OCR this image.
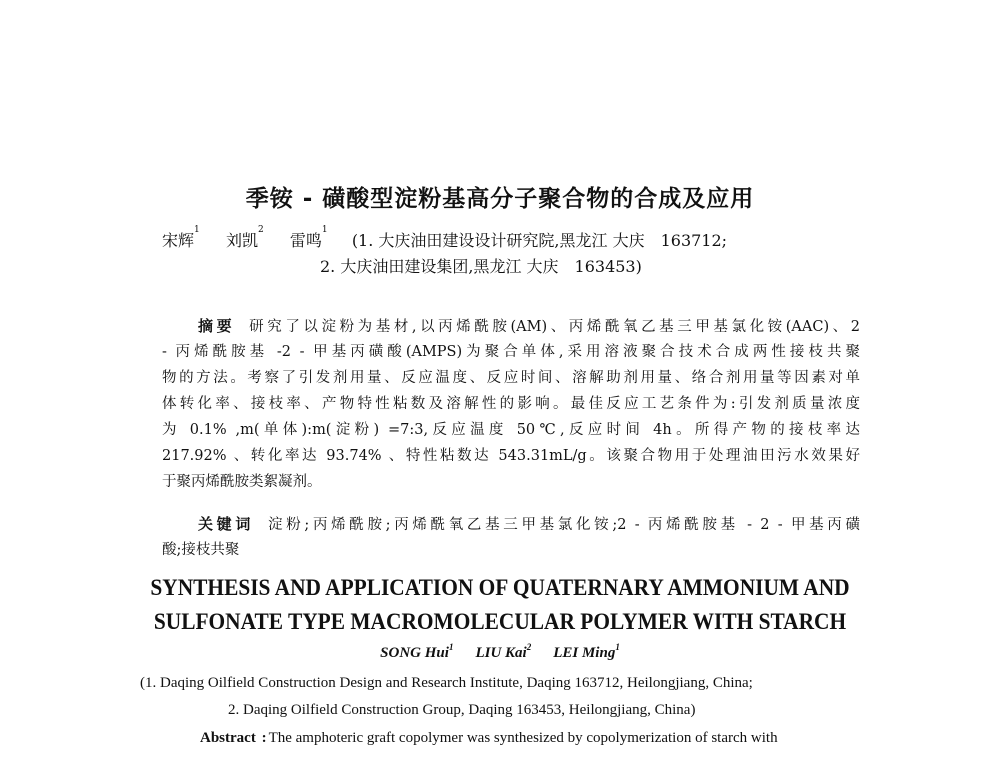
季铵 - 磺酸型淀粉基高分子聚合物的合成及应用
宋辉$^1$  刘凯$^2$  雷鸣$^1$  (1. 大庆油田建设设计研究院,黑龙江 大庆　163712;
2. 大庆油田建设集团,黑龙江 大庆　163453)
摘要 研究了以淀粉为基材,以丙烯酰胺(AM)、丙烯酰氧乙基三甲基氯化铵(AAC)、2
- 丙烯酰胺基 -2 - 甲基丙磺酸(AMPS)为聚合单体,采用溶液聚合技术合成两性接枝共聚
物的方法。考察了引发剂用量、反应温度、反应时间、溶解助剂用量、络合剂用量等因素对单
体转化率、接枝率、产物特性粘数及溶解性的影响。最佳反应工艺条件为:引发剂质量浓度
为 0.1% ,m(单体):m(淀粉) =7:3,反应温度 50℃,反应时间 4h。所得产物的接枝率达
217.92% 、转化率达 93.74% 、特性粘数达 543.31mL/g。该聚合物用于处理油田污水效果好
于聚丙烯酰胺类絮凝剂。
关键词 淀粉;丙烯酰胺;丙烯酰氧乙基三甲基氯化铵;2 - 丙烯酰胺基 - 2 - 甲基丙磺
酸;接枝共聚
SYNTHESIS AND APPLICATION OF QUATERNARY AMMONIUM AND
SULFONATE TYPE MACROMOLECULAR POLYMER WITH STARCH
SONG Hui$^1$ LIU Kai$^2$ LEI Ming$^1$
(1. Daqing Oilfield Construction Design and Research Institute, Daqing 163712, Heilongjiang, China;
2. Daqing Oilfield Construction Group, Daqing 163453, Heilongjiang, China)
Abstract : The amphoteric graft copolymer was synthesized by copolymerization of starch with
